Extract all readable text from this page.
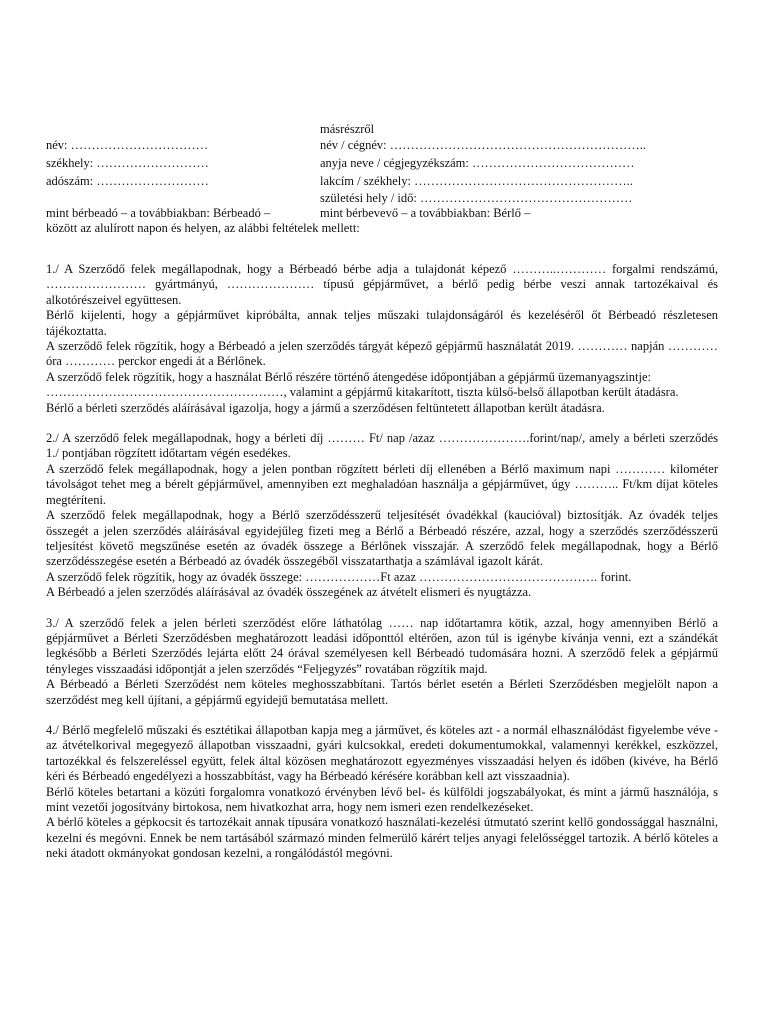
másrészről
név: ……………………………
székhely: ………………………
adószám: ………………………
mint bérbeadó – a továbbiakban: Bérbeadó –
név / cégnév: ……………………………………………………..
anyja neve / cégjegyzékszám: …………………………………
lakcím / székhely: ……………………………………………..
születési hely / idő: ……………………………………………
mint bérbevevő – a továbbiakban: Bérlő –
között az alulírott napon és helyen, az alábbi feltételek mellett:

1./ A Szerződő felek megállapodnak, hogy a Bérbeadó bérbe adja a tulajdonát képező ………..………… forgalmi rendszámú, …………………… gyártmányú, ………………… típusú gépjárművet, a bérlő pedig bérbe veszi annak tartozékaival és alkotórészeivel együttesen.

Bérlő kijelenti, hogy a gépjárművet kipróbálta, annak teljes műszaki tulajdonságáról és kezeléséről őt Bérbeadó részletesen tájékoztatta.

A szerződő felek rögzítik, hogy a Bérbeadó a jelen szerződés tárgyát képező gépjármű használatát 2019. ………… napján ………… óra ………… perckor engedi át a Bérlőnek.

A szerződő felek rögzítik, hogy a használat Bérlő részére történő átengedése időpontjában a gépjármű üzemanyagszintje:

…………………………………………………, valamint a gépjármű kitakarított, tiszta külső-belső állapotban került átadásra.

Bérlő a bérleti szerződés aláírásával igazolja, hogy a jármű a szerződésen feltüntetett állapotban került átadásra.

2./ A szerződő felek megállapodnak, hogy a bérleti díj ……… Ft/ nap /azaz ………………….forint/nap/, amely a bérleti szerződés 1./ pontjában rögzített időtartam végén esedékes.

A szerződő felek megállapodnak, hogy a jelen pontban rögzített bérleti díj ellenében a Bérlő maximum napi ………… kilométer távolságot tehet meg a bérelt gépjárművel, amennyiben ezt meghaladóan használja a gépjárművet, úgy ……….. Ft/km díjat köteles megtéríteni.

A szerződő felek megállapodnak, hogy a Bérlő szerződésszerű teljesítését óvadékkal (kaucióval) biztosítják. Az óvadék teljes összegét a jelen szerződés aláírásával egyidejűleg fizeti meg a Bérlő a Bérbeadó részére, azzal, hogy a szerződés szerződésszerű teljesítést követő megszűnése esetén az óvadék összege a Bérlőnek visszajár. A szerződő felek megállapodnak, hogy a Bérlő szerződésszegése esetén a Bérbeadó az óvadék összegéből visszatarthatja a számlával igazolt kárát.

A szerződő felek rögzítik, hogy az óvadék összege: ………………Ft azaz ……………………………………. forint.

A Bérbeadó a jelen szerződés aláírásával az óvadék összegének az átvételt elismeri és nyugtázza.

3./ A szerződő felek a jelen bérleti szerződést előre láthatólag …… nap időtartamra kötik, azzal, hogy amennyiben Bérlő a gépjárművet a Bérleti Szerződésben meghatározott leadási időponttól eltérően, azon túl is igénybe kívánja venni, ezt a szándékát legkésőbb a Bérleti Szerződés lejárta előtt 24 órával személyesen kell Bérbeadó tudomására hozni. A szerződő felek a gépjármű tényleges visszaadási időpontját a jelen szerződés “Feljegyzés” rovatában rögzítik majd.

A Bérbeadó a Bérleti Szerződést nem köteles meghosszabbítani. Tartós bérlet esetén a Bérleti Szerződésben megjelölt napon a szerződést meg kell újítani, a gépjármű egyidejű bemutatása mellett.

4./ Bérlő megfelelő műszaki és esztétikai állapotban kapja meg a járművet, és köteles azt - a normál elhasználódást figyelembe véve - az átvételkorival megegyező állapotban visszaadni, gyári kulcsokkal, eredeti dokumentumokkal, valamennyi kerékkel, eszközzel, tartozékkal és felszereléssel együtt, felek által közösen meghatározott egyezményes visszaadási helyen és időben (kivéve, ha Bérlő kéri és Bérbeadó engedélyezi a hosszabbítást, vagy ha Bérbeadó kérésére korábban kell azt visszaadnia).

Bérlő köteles betartani a közúti forgalomra vonatkozó érvényben lévő bel- és külföldi jogszabályokat, és mint a jármű használója, s mint vezetői jogosítvány birtokosa, nem hivatkozhat arra, hogy nem ismeri ezen rendelkezéseket.

A bérlő köteles a gépkocsit és tartozékait annak típusára vonatkozó használati-kezelési útmutató szerint kellő gondossággal használni, kezelni és megóvni. Ennek be nem tartásából származó minden felmerülő kárért teljes anyagi felelősséggel tartozik. A bérlő köteles a neki átadott okmányokat gondosan kezelni, a rongálódástól megóvni.
